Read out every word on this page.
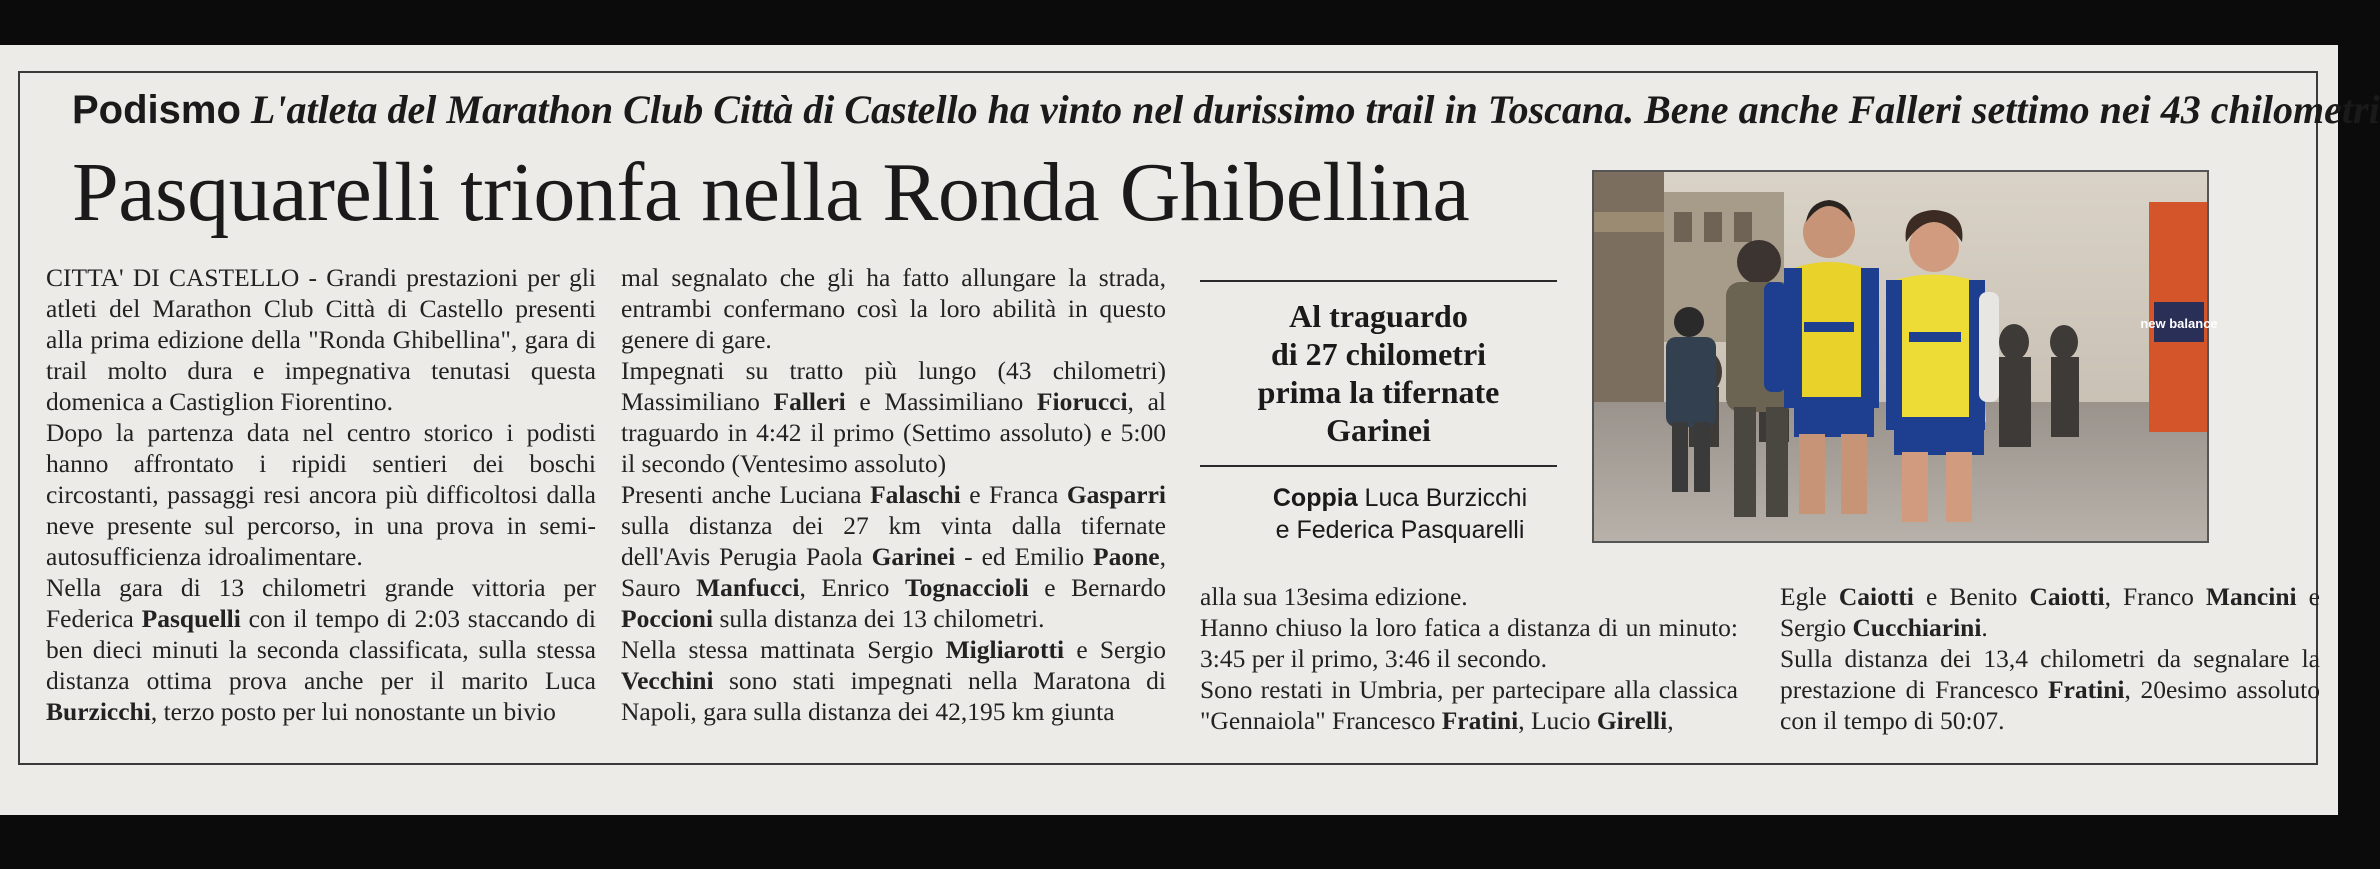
Podismo L'atleta del Marathon Club Città di Castello ha vinto nel durissimo trail in Toscana. Bene anche Falleri settimo nei 43 chilometri
Pasquarelli trionfa nella Ronda Ghibellina

CITTA' DI CASTELLO - Grandi prestazioni per gli atleti del Marathon Club Città di Castello presenti alla prima edizione della "Ronda Ghibellina", gara di trail molto dura e impegnativa tenutasi questa domenica a Castiglion Fiorentino.

Dopo la partenza data nel centro storico i podisti hanno affrontato i ripidi sentieri dei boschi circostanti, passaggi resi ancora più difficoltosi dalla neve presente sul percorso, in una prova in semi-autosufficienza idroalimentare.

Nella gara di 13 chilometri grande vittoria per Federica Pasquelli con il tempo di 2:03 staccando di ben dieci minuti la seconda classificata, sulla stessa distanza ottima prova anche per il marito Luca Burzicchi, terzo posto per lui nonostante un bivio

mal segnalato che gli ha fatto allungare la strada, entrambi confermano così la loro abilità in questo genere di gare.

Impegnati su tratto più lungo (43 chilometri) Massimiliano Falleri e Massimiliano Fiorucci, al traguardo in 4:42 il primo (Settimo assoluto) e 5:00 il secondo (Ventesimo assoluto)

Presenti anche Luciana Falaschi e Franca Gasparri sulla distanza dei 27 km vinta dalla tifernate dell'Avis Perugia Paola Garinei - ed Emilio Paone, Sauro Manfucci, Enrico Tognaccioli e Bernardo Poccioni sulla distanza dei 13 chilometri.

Nella stessa mattinata Sergio Migliarotti e Sergio Vecchini sono stati impegnati nella Maratona di Napoli, gara sulla distanza dei 42,195 km giunta

Al traguardo
di 27 chilometri
prima la tifernate
Garinei
Coppia Luca Burzicchi
e Federica Pasquarelli
new balance

alla sua 13esima edizione.

Hanno chiuso la loro fatica a distanza di un minuto: 3:45 per il primo, 3:46 il secondo.

Sono restati in Umbria, per partecipare alla classica "Gennaiola" Francesco Fratini, Lucio Girelli,

Egle Caiotti e Benito Caiotti, Franco Mancini e Sergio Cucchiarini.

Sulla distanza dei 13,4 chilometri da segnalare la prestazione di Francesco Fratini, 20esimo assoluto con il tempo di 50:07.
